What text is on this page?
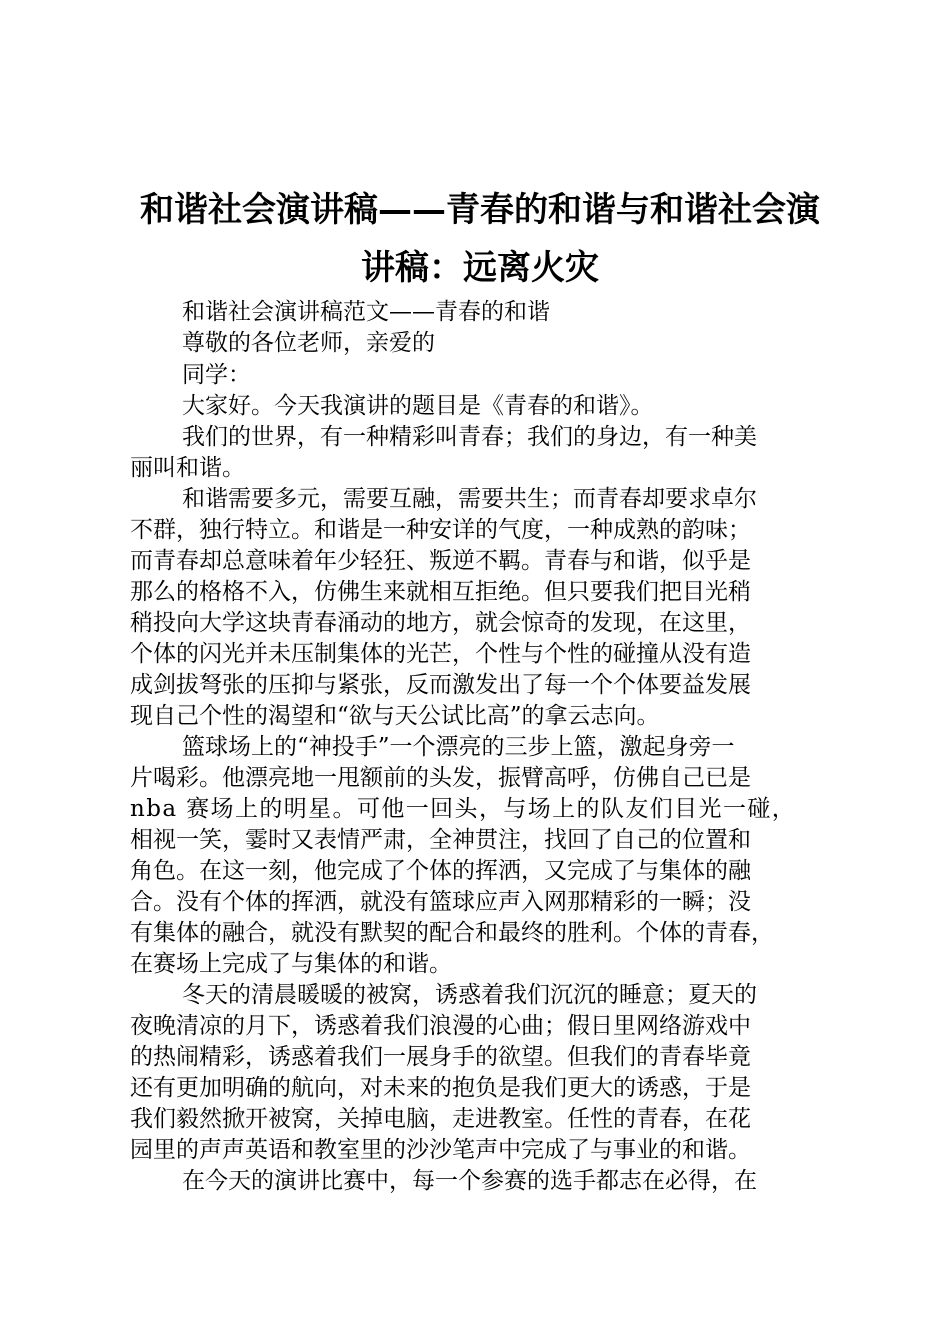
和谐社会演讲稿——青春的和谐与和谐社会演
讲稿：远离火灾

和谐社会演讲稿范文——青春的和谐

尊敬的各位老师，亲爱的

同学：

大家好。今天我演讲的题目是《青春的和谐》。

我们的世界，有一种精彩叫青春；我们的身边，有一种美

丽叫和谐。

和谐需要多元，需要互融，需要共生；而青春却要求卓尔

不群，独行特立。和谐是一种安详的气度，一种成熟的韵味；

而青春却总意味着年少轻狂、叛逆不羁。青春与和谐，似乎是

那么的格格不入，仿佛生来就相互拒绝。但只要我们把目光稍

稍投向大学这块青春涌动的地方，就会惊奇的发现，在这里，

个体的闪光并未压制集体的光芒，个性与个性的碰撞从没有造

成剑拔弩张的压抑与紧张，反而激发出了每一个个体要益发展

现自己个性的渴望和“欲与天公试比高”的拿云志向。

篮球场上的“神投手”一个漂亮的三步上篮，激起身旁一

片喝彩。他漂亮地一甩额前的头发，振臂高呼，仿佛自己已是

nba 赛场上的明星。可他一回头，与场上的队友们目光一碰，

相视一笑，霎时又表情严肃，全神贯注，找回了自己的位置和

角色。在这一刻，他完成了个体的挥洒，又完成了与集体的融

合。没有个体的挥洒，就没有篮球应声入网那精彩的一瞬；没

有集体的融合，就没有默契的配合和最终的胜利。个体的青春，

在赛场上完成了与集体的和谐。

冬天的清晨暖暖的被窝，诱惑着我们沉沉的睡意；夏天的

夜晚清凉的月下，诱惑着我们浪漫的心曲；假日里网络游戏中

的热闹精彩，诱惑着我们一展身手的欲望。但我们的青春毕竟

还有更加明确的航向，对未来的抱负是我们更大的诱惑，于是

我们毅然掀开被窝，关掉电脑，走进教室。任性的青春，在花

园里的声声英语和教室里的沙沙笔声中完成了与事业的和谐。

在今天的演讲比赛中，每一个参赛的选手都志在必得，在
